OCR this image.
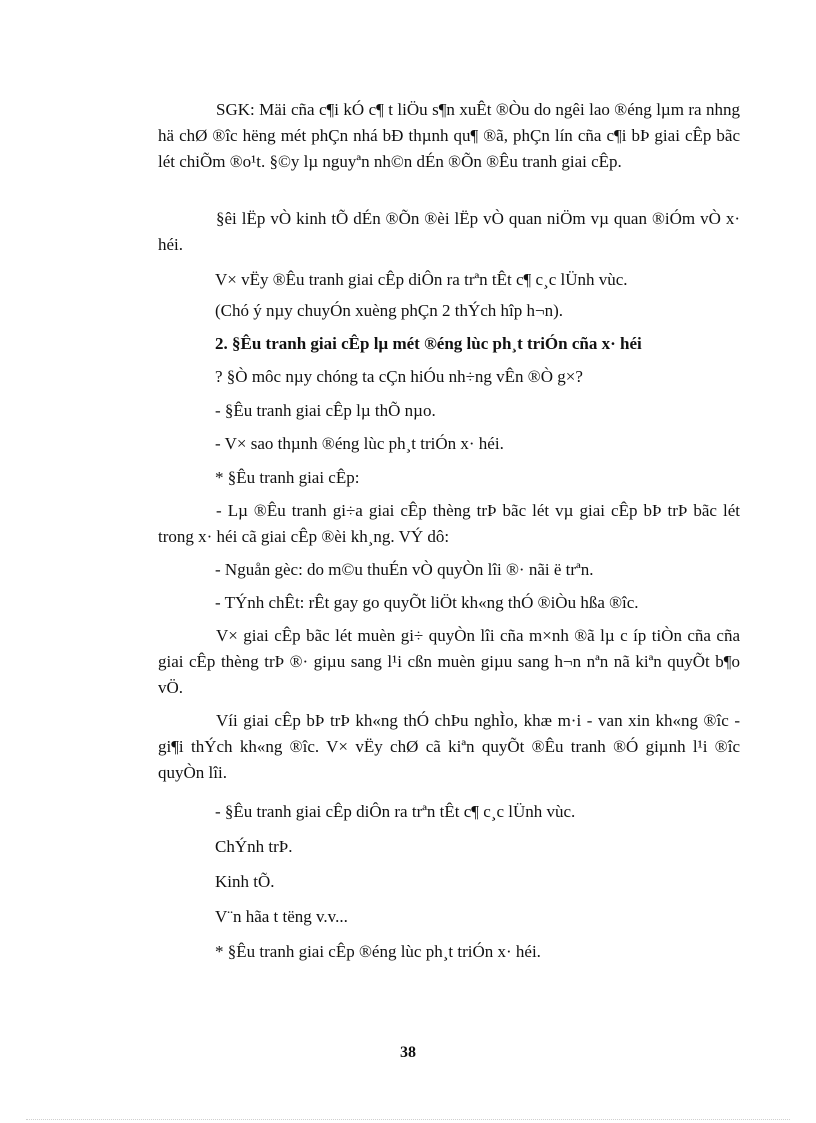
SGK: Mäi cña c¶i kÓ c¶ t liÖu s¶n xuÊt ®Òu do ngêi lao ®éng lµm ra nhng hä chØ ®îc hëng mét phÇn nhá bÐ thµnh qu¶ ®ã, phÇn lín cña c¶i bÞ giai cÊp bãc lét chiÕm ®o¹t. §©y lµ nguyªn nh©n dÉn ®Õn ®Êu tranh giai cÊp.

§êi lËp vÒ kinh tÕ dÉn ®Õn ®èi lËp vÒ quan niÖm vµ quan ®iÓm vÒ x· héi.

V× vËy ®Êu tranh giai cÊp diÔn ra trªn tÊt c¶ c¸c lÜnh vùc.

(Chó ý nµy chuyÓn xuèng phÇn 2 thÝch hîp h¬n).

2. §Êu tranh giai cÊp lµ mét ®éng lùc ph¸t triÓn cña x· héi

? §Ò môc nµy chóng ta cÇn hiÓu nh÷ng vÊn ®Ò g×?

- §Êu tranh giai cÊp lµ thÕ nµo.

- V× sao thµnh ®éng lùc ph¸t triÓn x· héi.

* §Êu tranh giai cÊp:

- Lµ ®Êu tranh gi÷a giai cÊp thèng trÞ bãc lét vµ giai cÊp bÞ trÞ bãc lét trong x· héi cã giai cÊp ®èi kh¸ng. VÝ dô:

- Nguån gèc: do m©u thuÉn vÒ quyÒn lîi ®· nãi ë trªn.

- TÝnh chÊt: rÊt gay go quyÕt liÖt kh«ng thÓ ®iÒu hßa ®îc.

V× giai cÊp bãc lét muèn gi÷ quyÒn lîi cña m×nh ®ã lµ c íp tiÒn cña cña giai cÊp thèng trÞ ®· giµu sang l¹i cßn muèn giµu sang h¬n nªn nã kiªn quyÕt b¶o vÖ.

Víi giai cÊp bÞ trÞ kh«ng thÓ chÞu nghÌo, khæ m·i - van xin kh«ng ®îc - gi¶i thÝch kh«ng ®îc. V× vËy chØ cã kiªn quyÕt ®Êu tranh ®Ó giµnh l¹i ®îc quyÒn lîi.

- §Êu tranh giai cÊp diÔn ra trªn tÊt c¶ c¸c lÜnh vùc.

ChÝnh trÞ.

Kinh tÕ.

V¨n hãa t tëng v.v...

* §Êu tranh giai cÊp ®éng lùc ph¸t triÓn x· héi.

38
